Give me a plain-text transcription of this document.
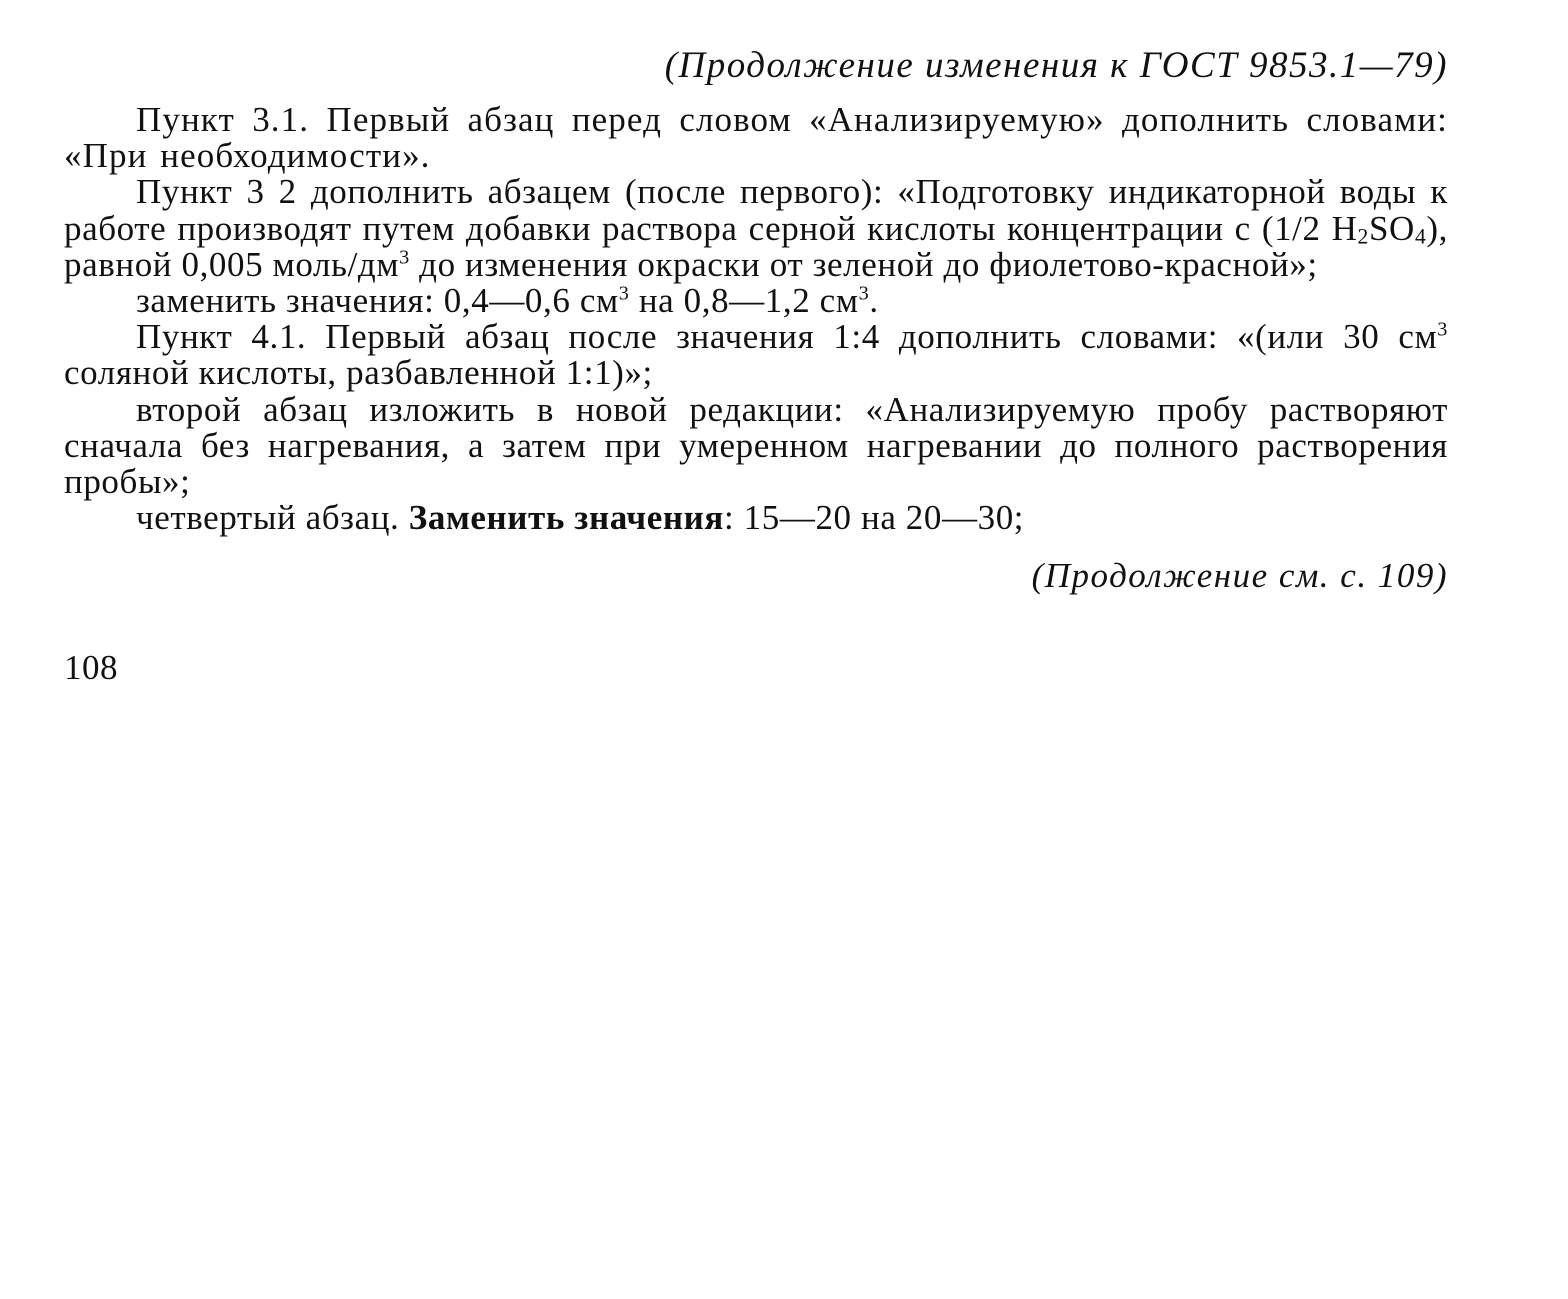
(Продолжение изменения к ГОСТ 9853.1—79)

Пункт 3.1. Первый абзац перед словом «Анализируемую» дополнить словами: «При необходимости».

Пункт 3 2 дополнить абзацем (после первого): «Подготовку индикаторной воды к работе производят путем добавки раствора серной кислоты концентрации с (1/2 $H_2SO_4$), равной 0,005 моль/$дм^3$ до изменения окраски от зеленой до фиолетово-красной»;

заменить значения: 0,4—0,6 $см^3$ на 0,8—1,2 $см^3$.

Пункт 4.1. Первый абзац после значения 1:4 дополнить словами: «(или 30 $см^3$ соляной кислоты, разбавленной 1:1)»;

второй абзац изложить в новой редакции: «Анализируемую пробу растворяют сначала без нагревания, а затем при умеренном нагревании до полного растворения пробы»;

четвертый абзац. Заменить значения: 15—20 на 20—30;

(Продолжение см. с. 109)
108
